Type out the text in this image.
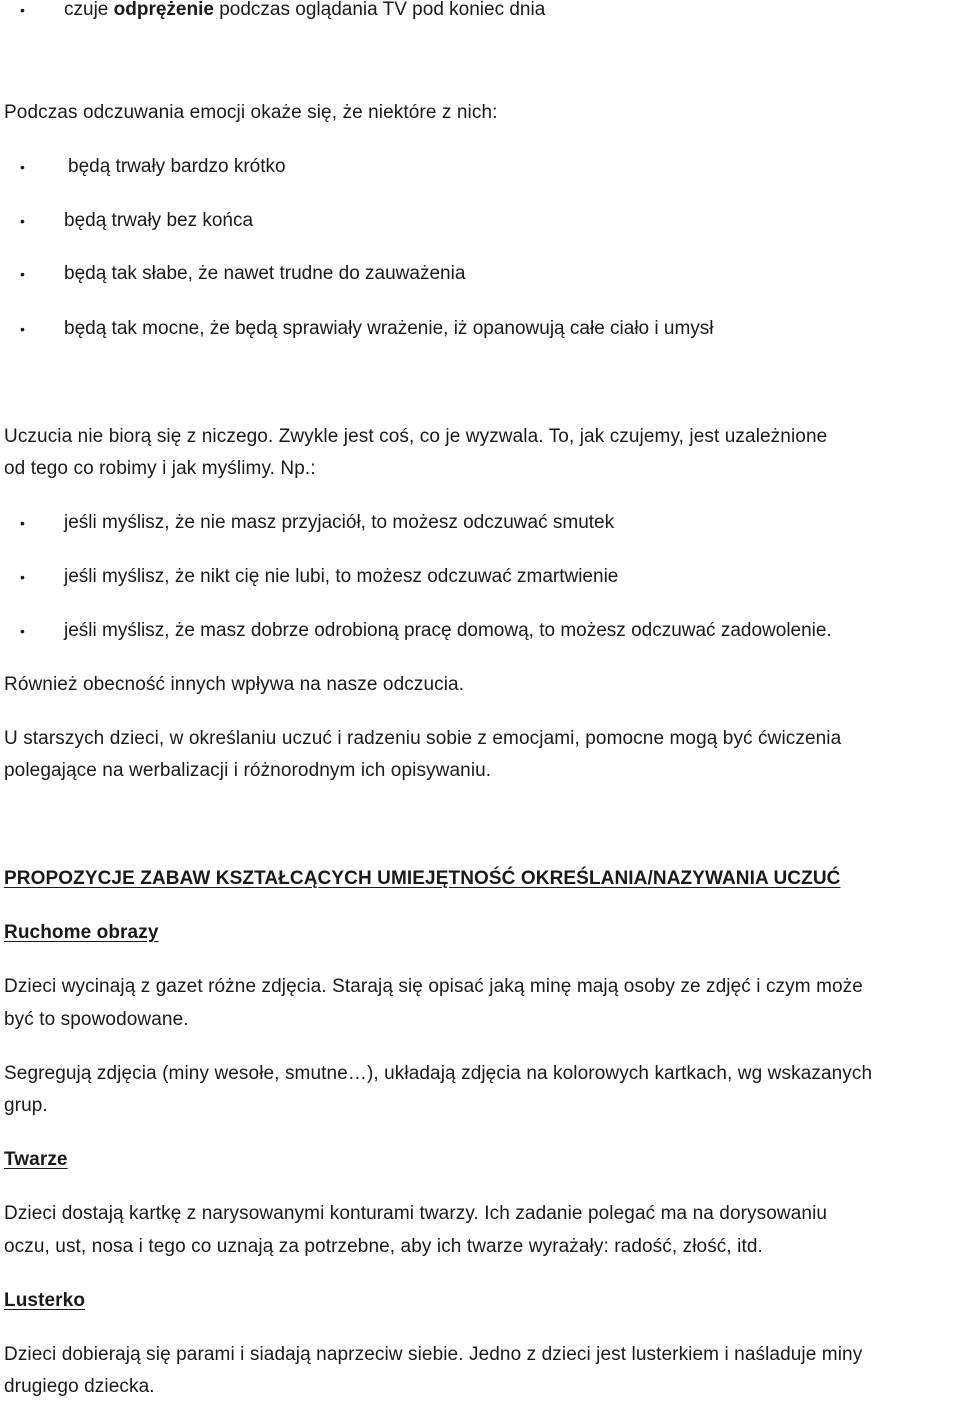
• czuje odprężenie podczas oglądania TV pod koniec dnia
Podczas odczuwania emocji okaże się, że niektóre z nich:
• będą trwały bardzo krótko
• będą trwały bez końca
• będą tak słabe, że nawet trudne do zauważenia
• będą tak mocne, że będą sprawiały wrażenie, iż opanowują całe ciało i umysł
Uczucia nie biorą się z niczego. Zwykle jest coś, co je wyzwala. To, jak czujemy, jest uzależnione
od tego co robimy i jak myślimy. Np.:
• jeśli myślisz, że nie masz przyjaciół, to możesz odczuwać smutek
• jeśli myślisz, że nikt cię nie lubi, to możesz odczuwać zmartwienie
• jeśli myślisz, że masz dobrze odrobioną pracę domową, to możesz odczuwać zadowolenie.
Również obecność innych wpływa na nasze odczucia.
U starszych dzieci, w określaniu uczuć i radzeniu sobie z emocjami, pomocne mogą być ćwiczenia
polegające na werbalizacji i różnorodnym ich opisywaniu.
PROPOZYCJE ZABAW KSZTAŁCĄCYCH UMIEJĘTNOŚĆ OKREŚLANIA/NAZYWANIA UCZUĆ
Ruchome obrazy
Dzieci wycinają z gazet różne zdjęcia. Starają się opisać jaką minę mają osoby ze zdjęć i czym może
być to spowodowane.
Segregują zdjęcia (miny wesołe, smutne…), układają zdjęcia na kolorowych kartkach, wg wskazanych
grup.
Twarze
Dzieci dostają kartkę z narysowanymi konturami twarzy. Ich zadanie polegać ma na dorysowaniu
oczu, ust, nosa i tego co uznają za potrzebne, aby ich twarze wyrażały: radość, złość, itd.
Lusterko
Dzieci dobierają się parami i siadają naprzeciw siebie. Jedno z dzieci jest lusterkiem i naśladuje miny
drugiego dziecka.
